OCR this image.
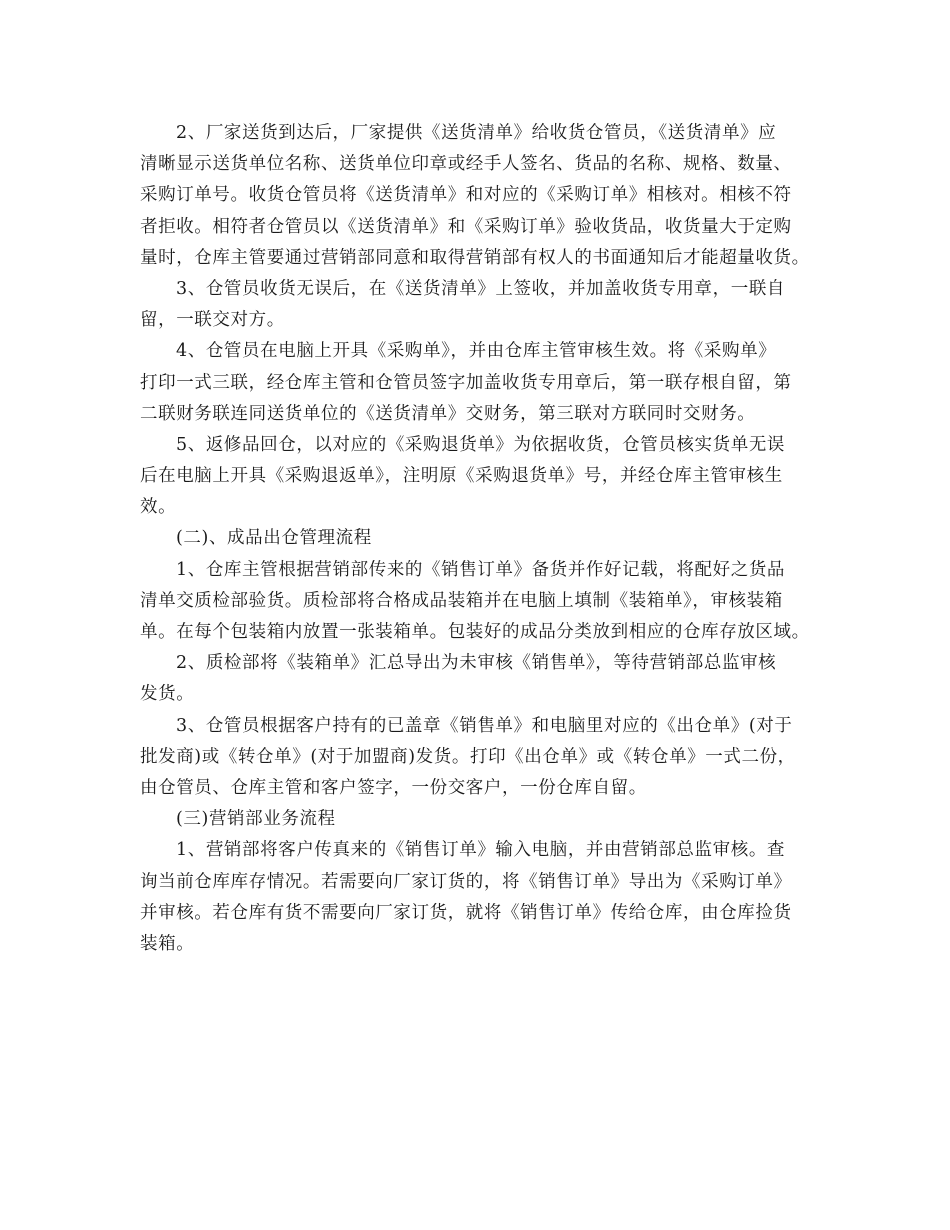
2、厂家送货到达后，厂家提供《送货清单》给收货仓管员，《送货清单》应
清晰显示送货单位名称、送货单位印章或经手人签名、货品的名称、规格、数量、
采购订单号。收货仓管员将《送货清单》和对应的《采购订单》相核对。相核不符
者拒收。相符者仓管员以《送货清单》和《采购订单》验收货品，收货量大于定购
量时，仓库主管要通过营销部同意和取得营销部有权人的书面通知后才能超量收货。
3、仓管员收货无误后，在《送货清单》上签收，并加盖收货专用章，一联自
留，一联交对方。
4、仓管员在电脑上开具《采购单》，并由仓库主管审核生效。将《采购单》
打印一式三联，经仓库主管和仓管员签字加盖收货专用章后，第一联存根自留，第
二联财务联连同送货单位的《送货清单》交财务，第三联对方联同时交财务。
5、返修品回仓，以对应的《采购退货单》为依据收货，仓管员核实货单无误
后在电脑上开具《采购退返单》，注明原《采购退货单》号，并经仓库主管审核生
效。
(二)、成品出仓管理流程
1、仓库主管根据营销部传来的《销售订单》备货并作好记载，将配好之货品
清单交质检部验货。质检部将合格成品装箱并在电脑上填制《装箱单》，审核装箱
单。在每个包装箱内放置一张装箱单。包装好的成品分类放到相应的仓库存放区域。
2、质检部将《装箱单》汇总导出为未审核《销售单》，等待营销部总监审核
发货。
3、仓管员根据客户持有的已盖章《销售单》和电脑里对应的《出仓单》(对于
批发商)或《转仓单》(对于加盟商)发货。打印《出仓单》或《转仓单》一式二份，
由仓管员、仓库主管和客户签字，一份交客户，一份仓库自留。
(三)营销部业务流程
1、营销部将客户传真来的《销售订单》输入电脑，并由营销部总监审核。查
询当前仓库库存情况。若需要向厂家订货的，将《销售订单》导出为《采购订单》
并审核。若仓库有货不需要向厂家订货，就将《销售订单》传给仓库，由仓库捡货
装箱。
